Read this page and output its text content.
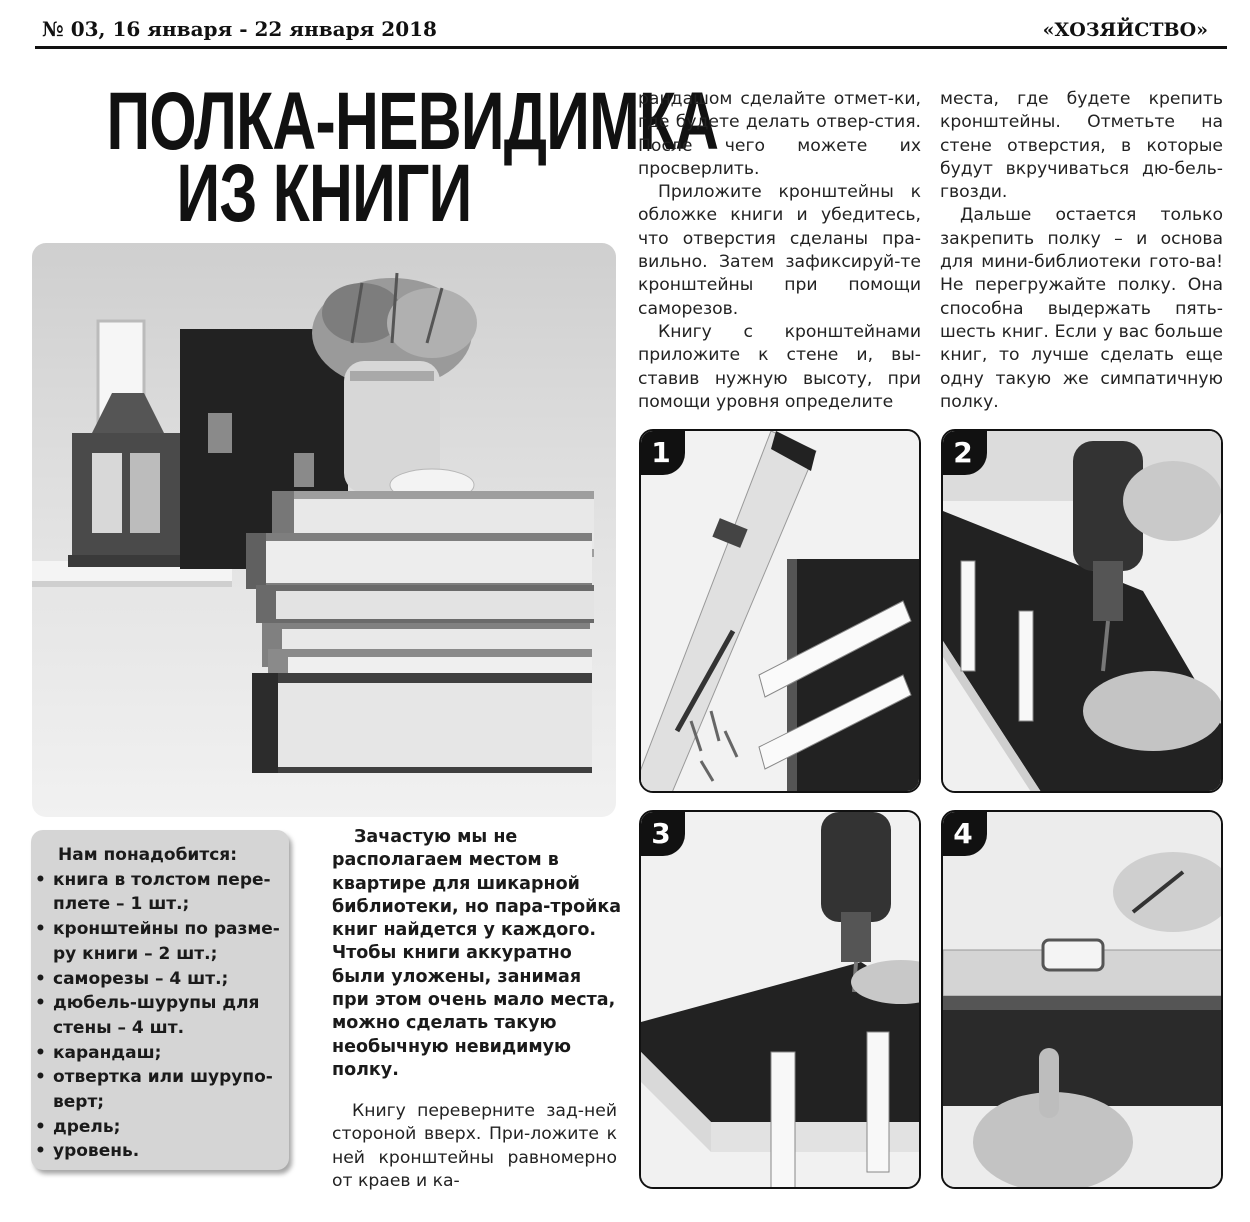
№ 03, 16 января - 22 января 2018	«ХОЗЯЙСТВО»
ПОЛКА-НЕВИДИМКА
ИЗ КНИГИ

рандашом сделайте отмет-ки, где будете делать отвер-стия. После чего можете их просверлить.

Приложите кронштейны к обложке книги и убедитесь, что отверстия сделаны пра-вильно. Затем зафиксируй-те кронштейны при помощи саморезов.

Книгу с кронштейнами приложите к стене и, вы-ставив нужную высоту, при помощи уровня определите

места, где будете крепить кронштейны. Отметьте на стене отверстия, в которые будут вкручиваться дю-бель-гвозди.

Дальше остается только закрепить полку – и основа для мини-библиотеки гото-ва! Не перегружайте полку. Она способна выдержать пять-шесть книг. Если у вас больше книг, то лучше сделать еще одну такую же симпатичную полку.

Нам понадобится:
• книга в толстом пере-плете – 1 шт.;
• кронштейны по разме-ру книги – 2 шт.;
• саморезы – 4 шт.;
• дюбель-шурупы для стены – 4 шт.
• карандаш;
• отвертка или шурупо-верт;
• дрель;
• уровень.

Зачастую мы не располагаем местом в квартире для шикарной библиотеки, но пара-тройка книг найдется у каждого. Чтобы книги аккуратно были уложены, занимая при этом очень мало места, можно сделать такую необычную невидимую полку.

Книгу переверните зад-ней стороной вверх. При-ложите к ней кронштейны равномерно от краев и ка-

1	2
3	4
